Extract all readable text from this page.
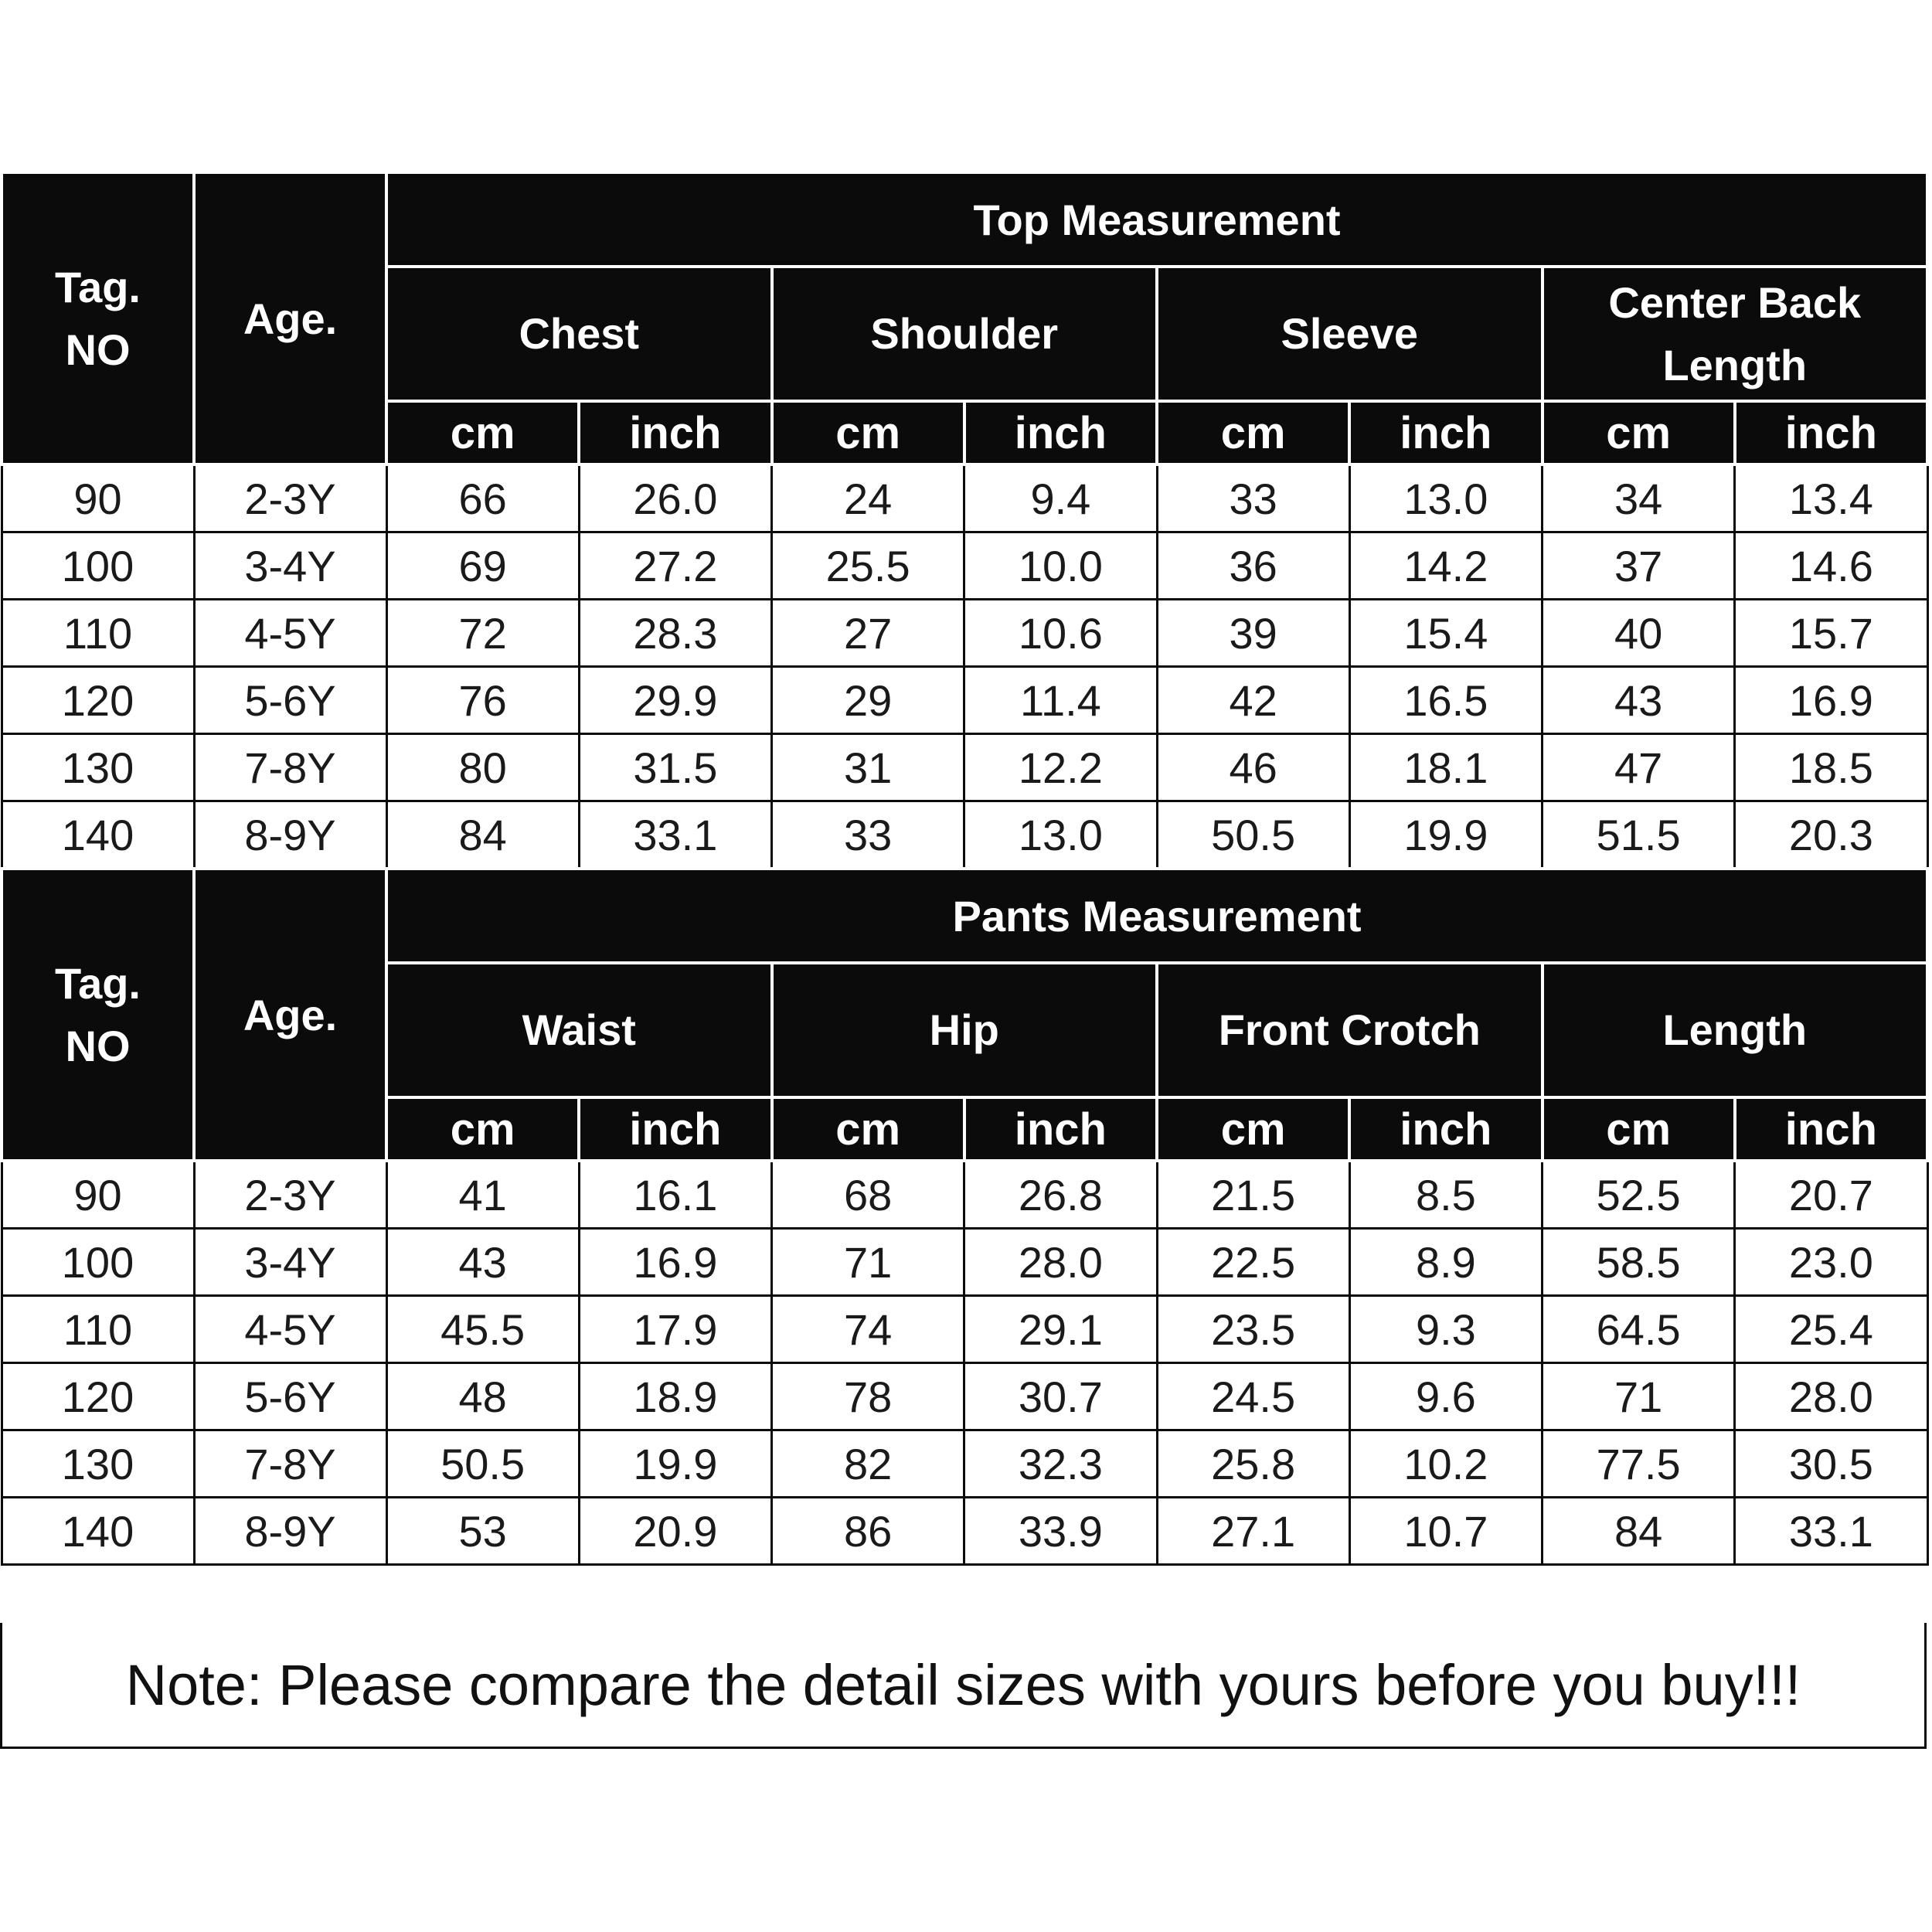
Tag. NO	Age.	Top Measurement							
		Chest		Shoulder		Sleeve		Center Back Length	
		cm	inch	cm	inch	cm	inch	cm	inch
90	2-3Y	66	26.0	24	9.4	33	13.0	34	13.4
100	3-4Y	69	27.2	25.5	10.0	36	14.2	37	14.6
110	4-5Y	72	28.3	27	10.6	39	15.4	40	15.7
120	5-6Y	76	29.9	29	11.4	42	16.5	43	16.9
130	7-8Y	80	31.5	31	12.2	46	18.1	47	18.5
140	8-9Y	84	33.1	33	13.0	50.5	19.9	51.5	20.3
Tag. NO	Age.	Pants Measurement							
		Waist		Hip		Front Crotch		Length	
		cm	inch	cm	inch	cm	inch	cm	inch
90	2-3Y	41	16.1	68	26.8	21.5	8.5	52.5	20.7
100	3-4Y	43	16.9	71	28.0	22.5	8.9	58.5	23.0
110	4-5Y	45.5	17.9	74	29.1	23.5	9.3	64.5	25.4
120	5-6Y	48	18.9	78	30.7	24.5	9.6	71	28.0
130	7-8Y	50.5	19.9	82	32.3	25.8	10.2	77.5	30.5
140	8-9Y	53	20.9	86	33.9	27.1	10.7	84	33.1
Note: Please compare the detail sizes with yours before you buy!!!
